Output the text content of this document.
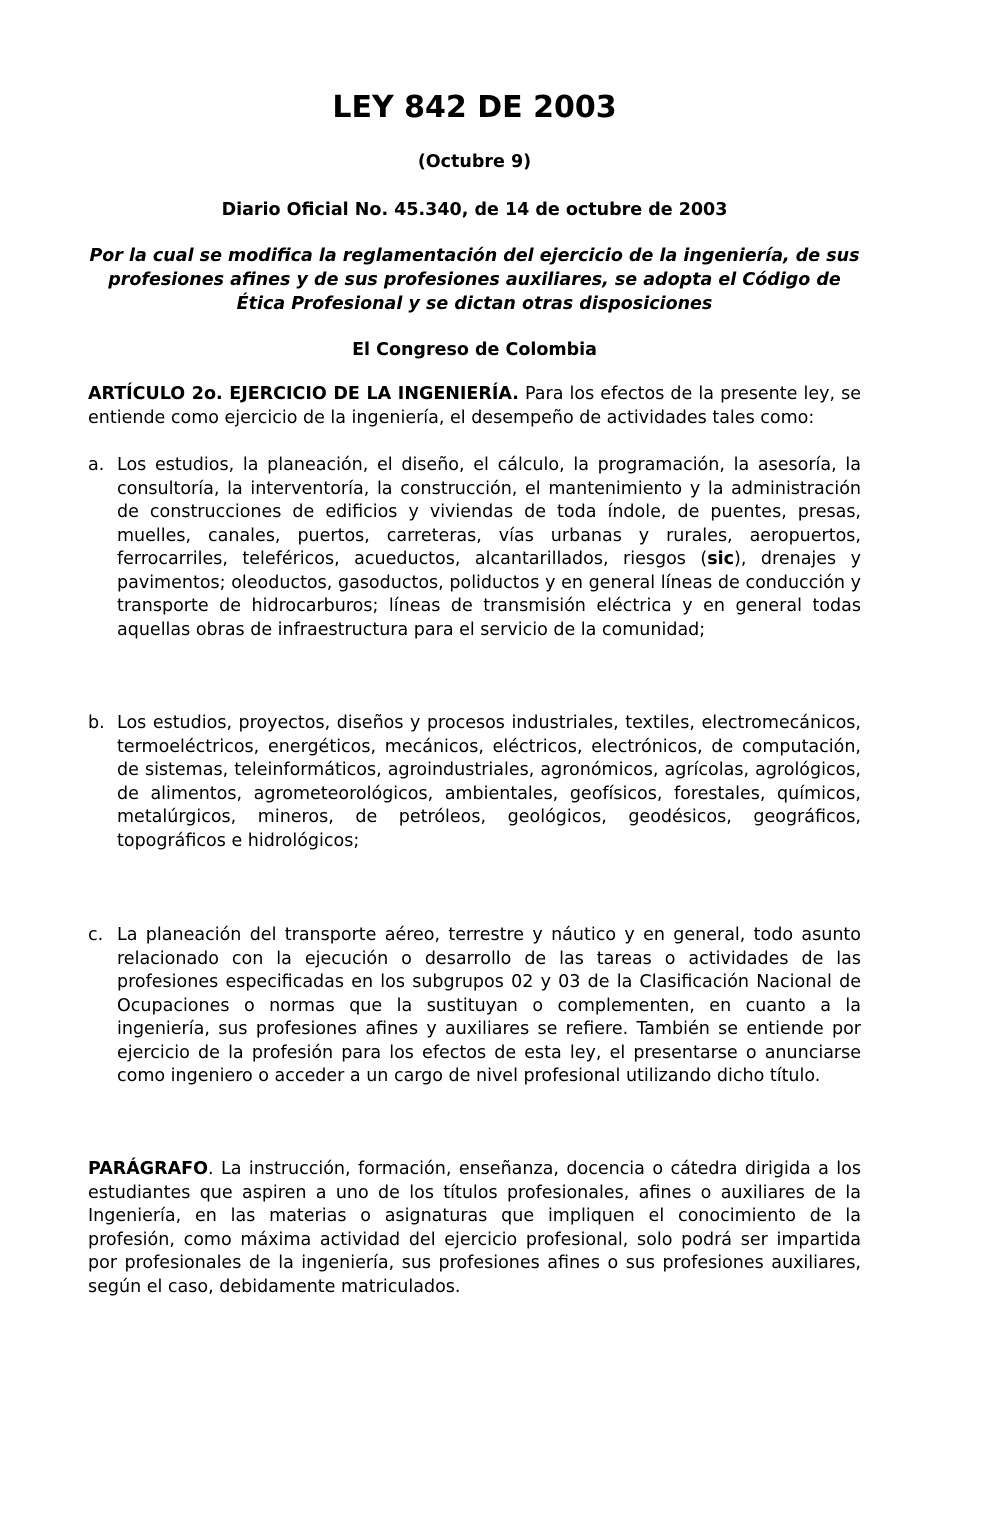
LEY 842 DE 2003
(Octubre 9)
Diario Oficial No. 45.340, de 14 de octubre de 2003
Por la cual se modifica la reglamentación del ejercicio de la ingeniería, de sus profesiones afines y de sus profesiones auxiliares, se adopta el Código de Ética Profesional y se dictan otras disposiciones
El Congreso de Colombia
ARTÍCULO 2o. EJERCICIO DE LA INGENIERÍA. Para los efectos de la presente ley, se entiende como ejercicio de la ingeniería, el desempeño de actividades tales como:
a. Los estudios, la planeación, el diseño, el cálculo, la programación, la asesoría, la consultoría, la interventoría, la construcción, el mantenimiento y la administración de construcciones de edificios y viviendas de toda índole, de puentes, presas, muelles, canales, puertos, carreteras, vías urbanas y rurales, aeropuertos, ferrocarriles, teleféricos, acueductos, alcantarillados, riesgos (sic), drenajes y pavimentos; oleoductos, gasoductos, poliductos y en general líneas de conducción y transporte de hidrocarburos; líneas de transmisión eléctrica y en general todas aquellas obras de infraestructura para el servicio de la comunidad;
b. Los estudios, proyectos, diseños y procesos industriales, textiles, electromecánicos, termoeléctricos, energéticos, mecánicos, eléctricos, electrónicos, de computación, de sistemas, teleinformáticos, agroindustriales, agronómicos, agrícolas, agrológicos, de alimentos, agrometeorológicos, ambientales, geofísicos, forestales, químicos, metalúrgicos, mineros, de petróleos, geológicos, geodésicos, geográficos, topográficos e hidrológicos;
c. La planeación del transporte aéreo, terrestre y náutico y en general, todo asunto relacionado con la ejecución o desarrollo de las tareas o actividades de las profesiones especificadas en los subgrupos 02 y 03 de la Clasificación Nacional de Ocupaciones o normas que la sustituyan o complementen, en cuanto a la ingeniería, sus profesiones afines y auxiliares se refiere. También se entiende por ejercicio de la profesión para los efectos de esta ley, el presentarse o anunciarse como ingeniero o acceder a un cargo de nivel profesional utilizando dicho título.
PARÁGRAFO. La instrucción, formación, enseñanza, docencia o cátedra dirigida a los estudiantes que aspiren a uno de los títulos profesionales, afines o auxiliares de la Ingeniería, en las materias o asignaturas que impliquen el conocimiento de la profesión, como máxima actividad del ejercicio profesional, solo podrá ser impartida por profesionales de la ingeniería, sus profesiones afines o sus profesiones auxiliares, según el caso, debidamente matriculados.
